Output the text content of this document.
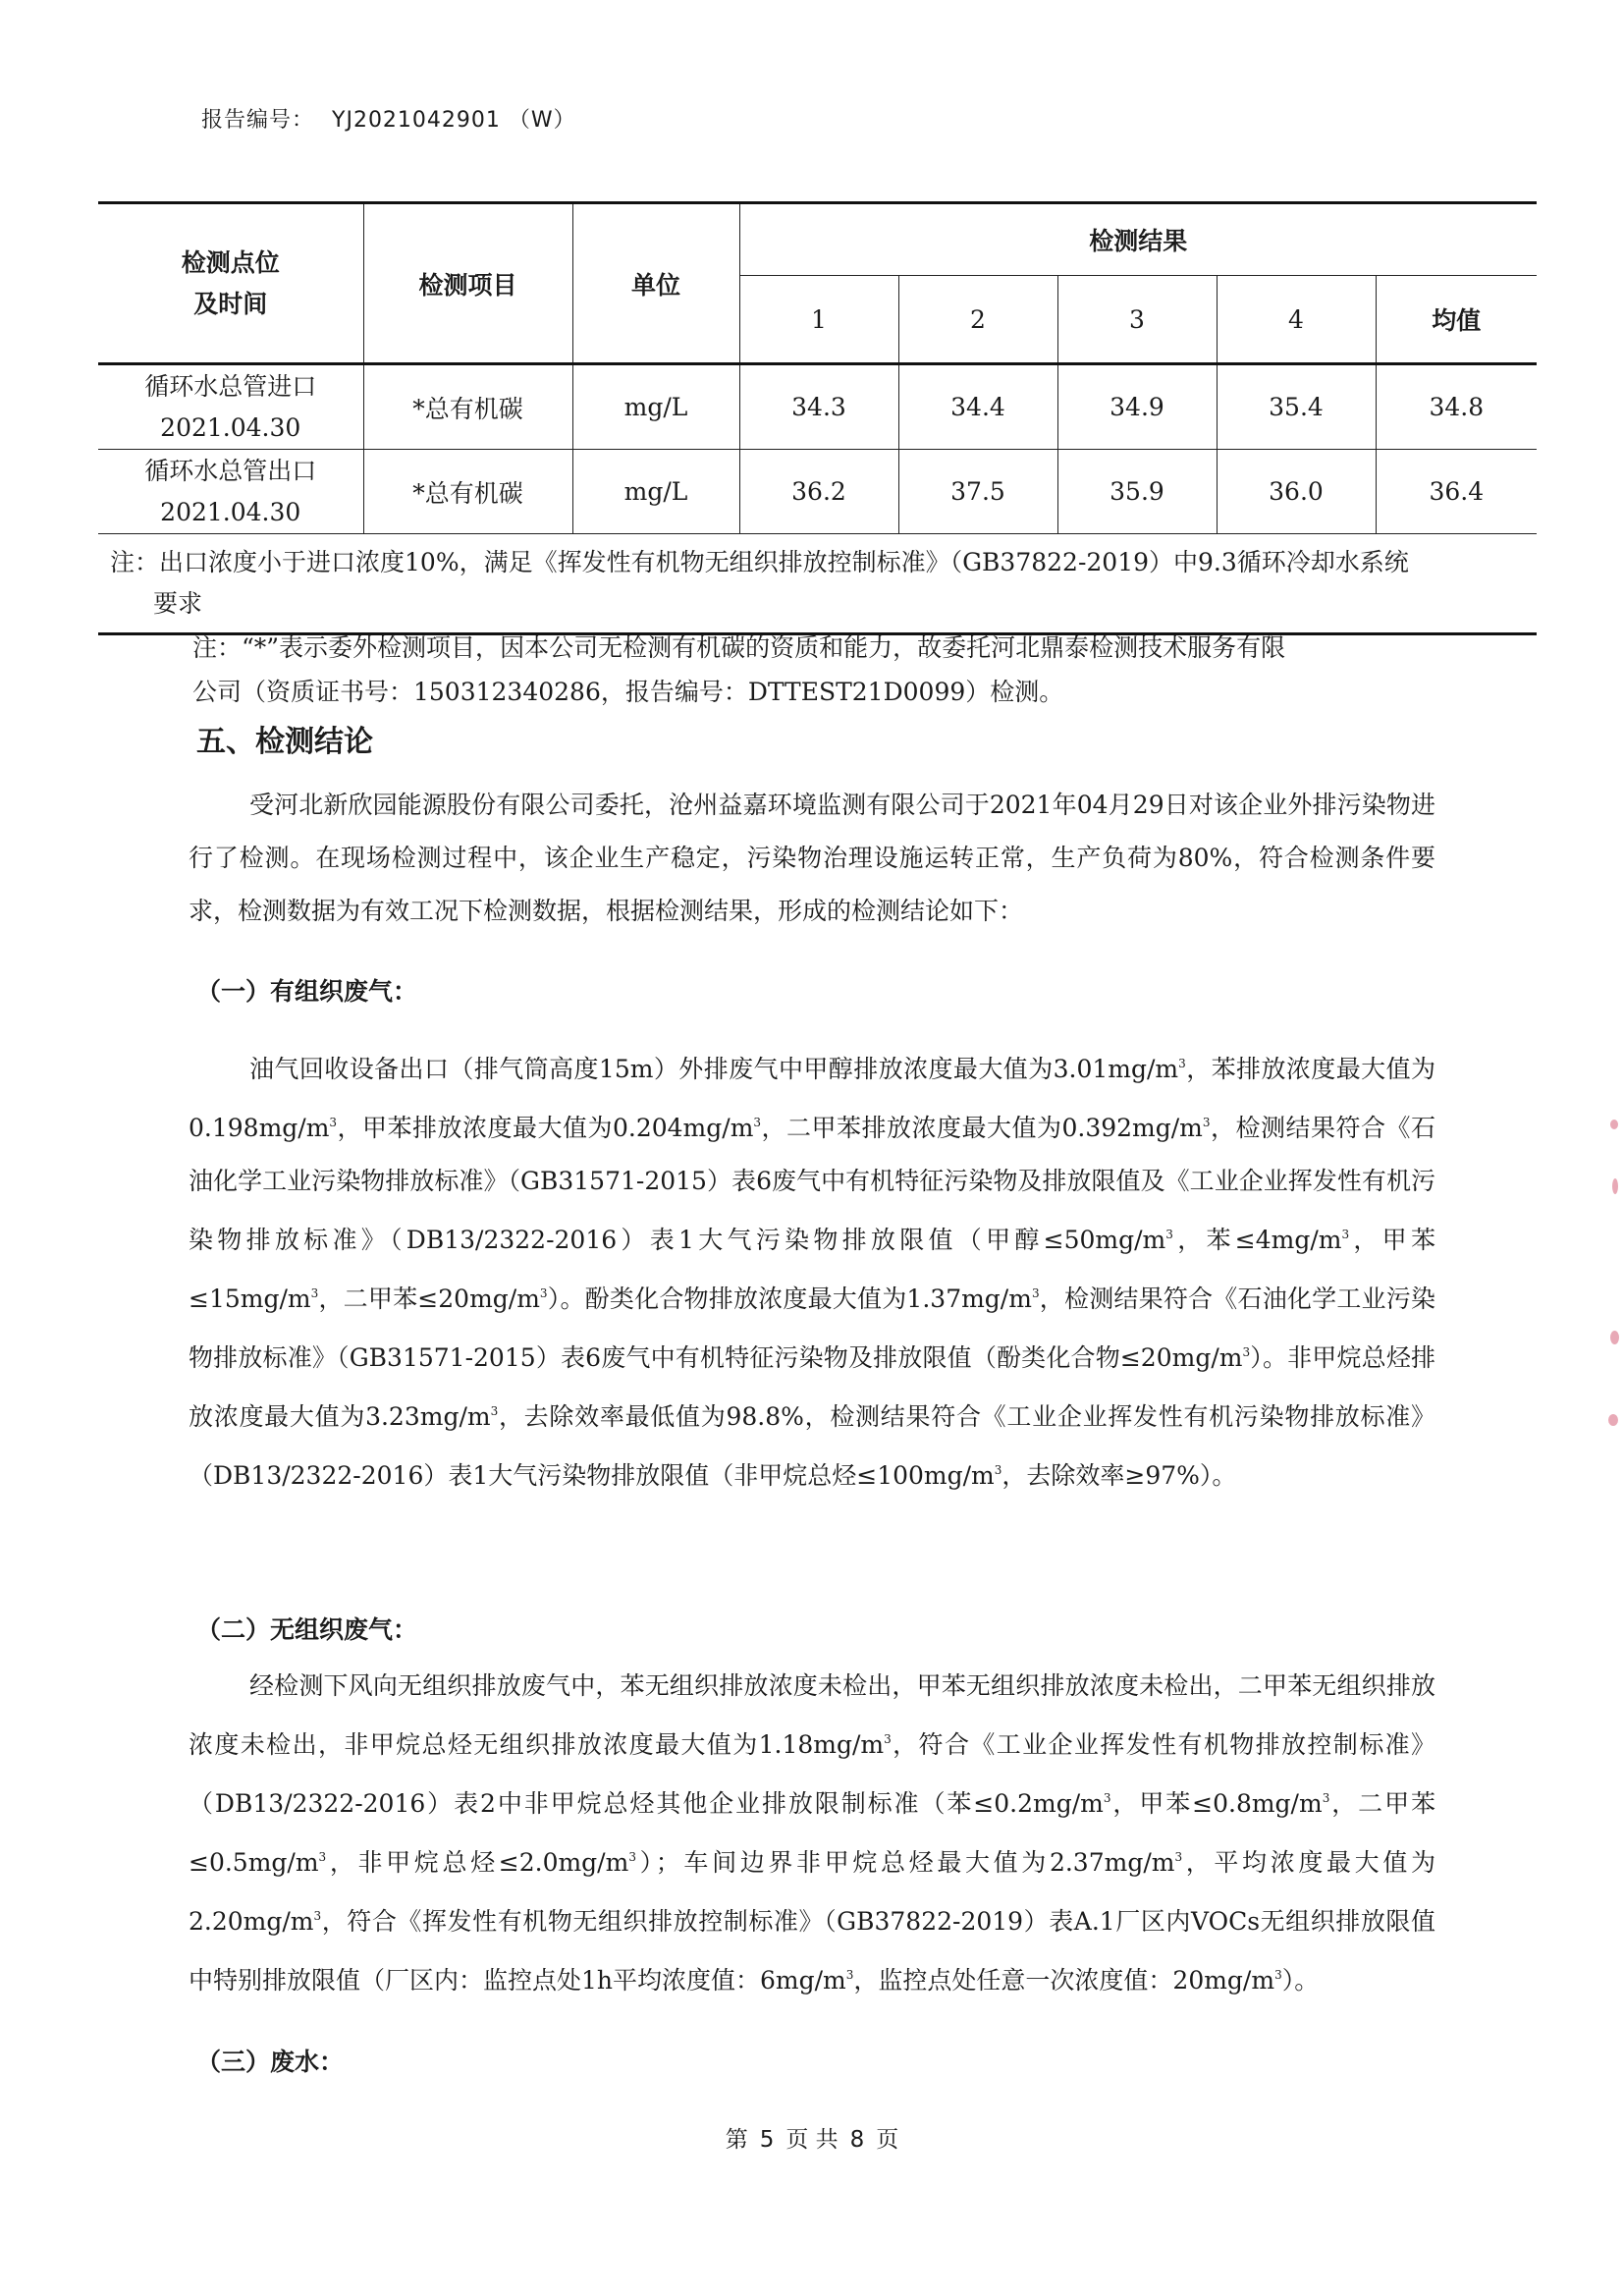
报告编号： YJ2021042901 （W）
检测点位
及时间	检测项目	单位	检测结果				
			1	2	3	4	均值
循环水总管进口
2021.04.30	*总有机碳	mg/L	34.3	34.4	34.9	35.4	34.8
循环水总管出口
2021.04.30	*总有机碳	mg/L	36.2	37.5	35.9	36.0	36.4
注：出口浓度小于进口浓度10%，满足《挥发性有机物无组织排放控制标准》（GB37822-2019）中9.3循环冷却水系统
要求							
注：“*”表示委外检测项目，因本公司无检测有机碳的资质和能力，故委托河北鼎泰检测技术服务有限
公司（资质证书号：150312340286，报告编号：DTTEST21D0099）检测。
五、检测结论
受河北新欣园能源股份有限公司委托，沧州益嘉环境监测有限公司于2021年04月29日对该企业外排污染物进行了检测。在现场检测过程中，该企业生产稳定，污染物治理设施运转正常，生产负荷为80%，符合检测条件要求，检测数据为有效工况下检测数据，根据检测结果，形成的检测结论如下：
（一）有组织废气：
油气回收设备出口（排气筒高度15m）外排废气中甲醇排放浓度最大值为$3.01mg/m^3$，苯排放浓度最大值为$0.198mg/m^3$，甲苯排放浓度最大值为$0.204mg/m^3$，二甲苯排放浓度最大值为$0.392mg/m^3$，检测结果符合《石油化学工业污染物排放标准》（GB31571-2015）表6废气中有机特征污染物及排放限值及《工业企业挥发性有机污染物排放标准》（DB13/2322-2016）表1大气污染物排放限值（甲醇$\le 50mg/m^3$，苯$\le 4mg/m^3$，甲苯$\le 15mg/m^3$，二甲苯$\le 20mg/m^3$）。酚类化合物排放浓度最大值为$1.37mg/m^3$，检测结果符合《石油化学工业污染物排放标准》（GB31571-2015）表6废气中有机特征污染物及排放限值（酚类化合物$\le 20mg/m^3$）。非甲烷总烃排放浓度最大值为$3.23mg/m^3$，去除效率最低值为98.8%，检测结果符合《工业企业挥发性有机污染物排放标准》（DB13/2322-2016）表1大气污染物排放限值（非甲烷总烃$\le 100mg/m^3$，去除效率≥97%）。
（二）无组织废气：
经检测下风向无组织排放废气中，苯无组织排放浓度未检出，甲苯无组织排放浓度未检出，二甲苯无组织排放浓度未检出，非甲烷总烃无组织排放浓度最大值为$1.18mg/m^3$，符合《工业企业挥发性有机物排放控制标准》（DB13/2322-2016）表2中非甲烷总烃其他企业排放限制标准（苯$\le 0.2mg/m^3$，甲苯$\le 0.8mg/m^3$，二甲苯$\le 0.5mg/m^3$，非甲烷总烃$\le 2.0mg/m^3$）；车间边界非甲烷总烃最大值为$2.37mg/m^3$，平均浓度最大值为$2.20mg/m^3$，符合《挥发性有机物无组织排放控制标准》（GB37822-2019）表A.1厂区内VOCs无组织排放限值中特别排放限值（厂区内：监控点处1h平均浓度值：$6mg/m^3$，监控点处任意一次浓度值：$20mg/m^3$）。
（三）废水：
第 5 页 共 8 页
